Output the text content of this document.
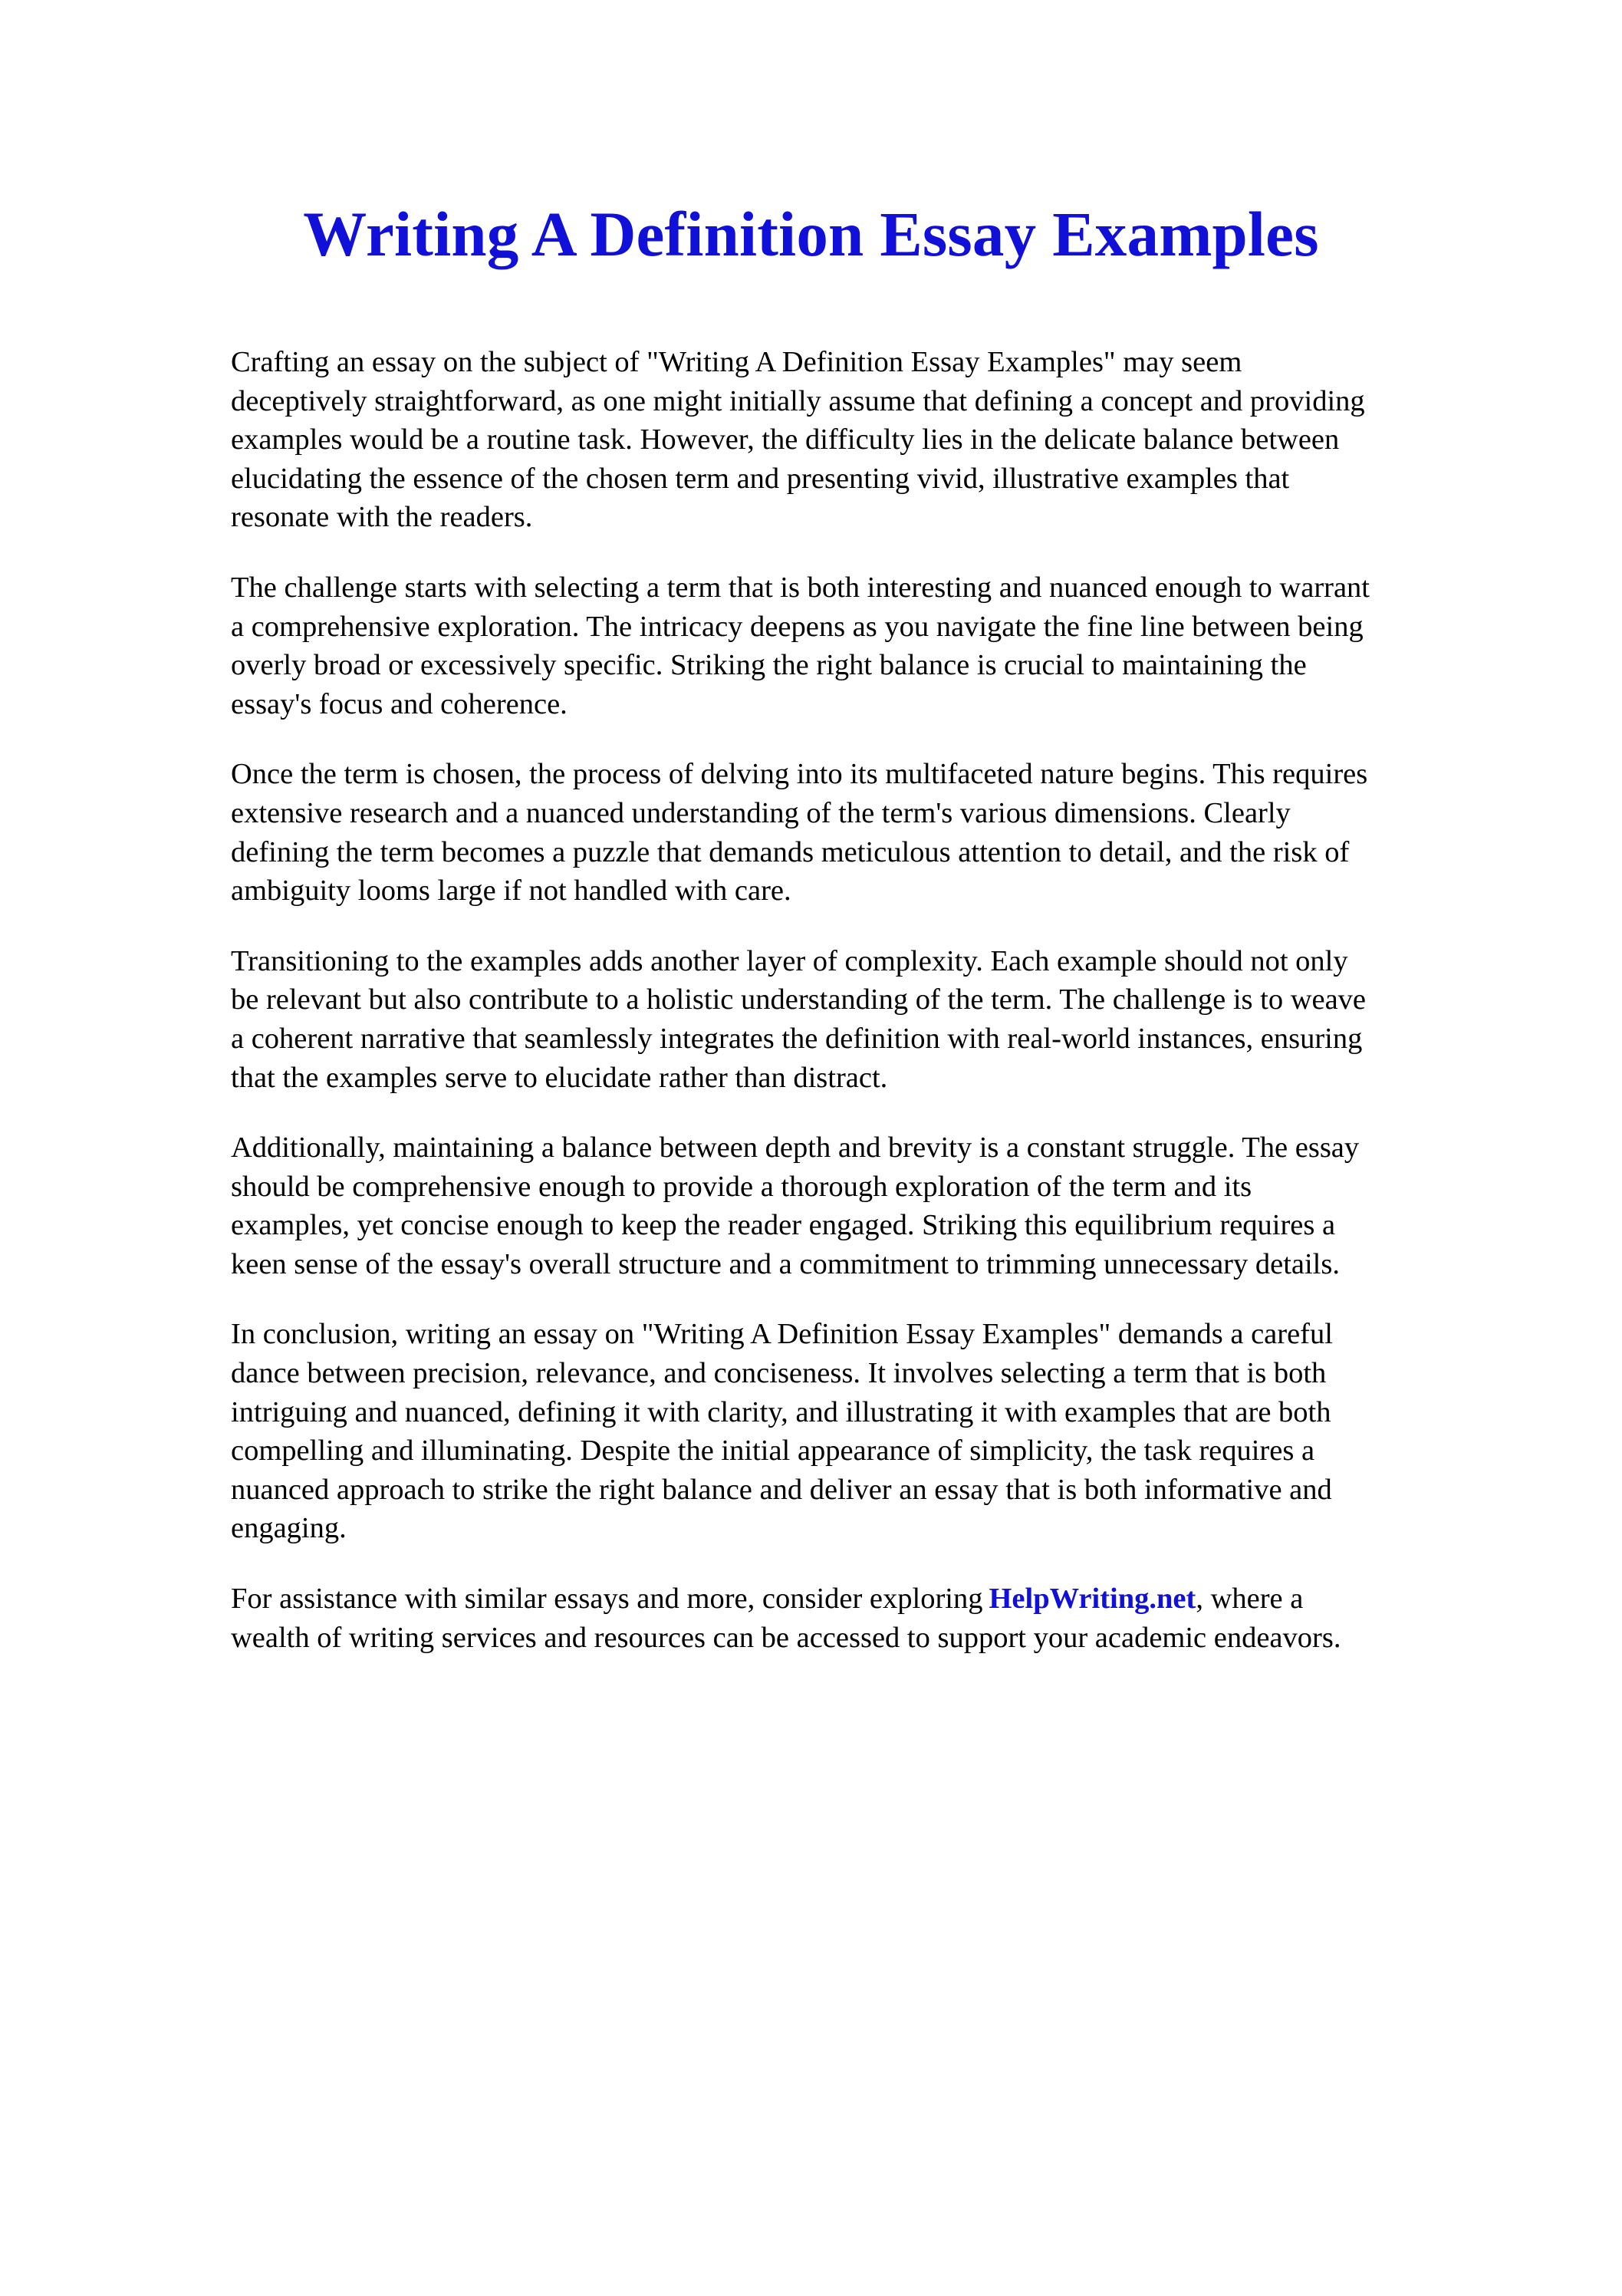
Writing A Definition Essay Examples

Crafting an essay on the subject of "Writing A Definition Essay Examples" may seem
deceptively straightforward, as one might initially assume that defining a concept and providing
examples would be a routine task. However, the difficulty lies in the delicate balance between
elucidating the essence of the chosen term and presenting vivid, illustrative examples that
resonate with the readers.

The challenge starts with selecting a term that is both interesting and nuanced enough to warrant
a comprehensive exploration. The intricacy deepens as you navigate the fine line between being
overly broad or excessively specific. Striking the right balance is crucial to maintaining the
essay's focus and coherence.

Once the term is chosen, the process of delving into its multifaceted nature begins. This requires
extensive research and a nuanced understanding of the term's various dimensions. Clearly
defining the term becomes a puzzle that demands meticulous attention to detail, and the risk of
ambiguity looms large if not handled with care.

Transitioning to the examples adds another layer of complexity. Each example should not only
be relevant but also contribute to a holistic understanding of the term. The challenge is to weave
a coherent narrative that seamlessly integrates the definition with real-world instances, ensuring
that the examples serve to elucidate rather than distract.

Additionally, maintaining a balance between depth and brevity is a constant struggle. The essay
should be comprehensive enough to provide a thorough exploration of the term and its
examples, yet concise enough to keep the reader engaged. Striking this equilibrium requires a
keen sense of the essay's overall structure and a commitment to trimming unnecessary details.

In conclusion, writing an essay on "Writing A Definition Essay Examples" demands a careful
dance between precision, relevance, and conciseness. It involves selecting a term that is both
intriguing and nuanced, defining it with clarity, and illustrating it with examples that are both
compelling and illuminating. Despite the initial appearance of simplicity, the task requires a
nuanced approach to strike the right balance and deliver an essay that is both informative and
engaging.

For assistance with similar essays and more, consider exploring HelpWriting.net, where a
wealth of writing services and resources can be accessed to support your academic endeavors.
